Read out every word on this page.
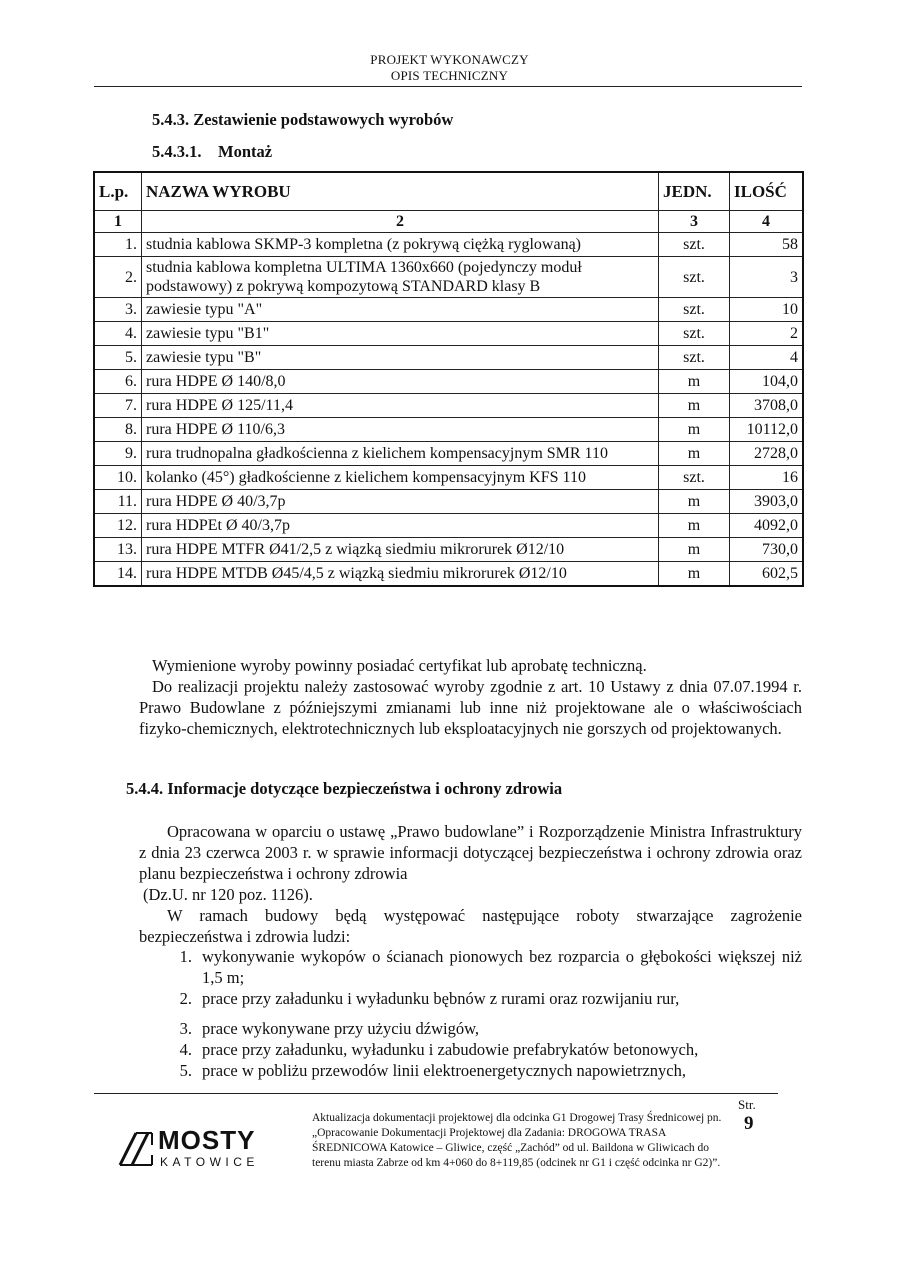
PROJEKT WYKONAWCZY
OPIS TECHNICZNY
5.4.3. Zestawienie podstawowych wyrobów
5.4.3.1.    Montaż
L.p.	NAZWA WYROBU	JEDN.	ILOŚĆ
1	2	3	4
1.	studnia kablowa SKMP-3 kompletna (z pokrywą ciężką ryglowaną)	szt.	58
2.	studnia kablowa kompletna ULTIMA 1360x660 (pojedynczy moduł podstawowy) z pokrywą kompozytową STANDARD klasy B	szt.	3
3.	zawiesie typu "A"	szt.	10
4.	zawiesie typu "B1"	szt.	2
5.	zawiesie typu "B"	szt.	4
6.	rura HDPE Ø 140/8,0	m	104,0
7.	rura HDPE Ø 125/11,4	m	3708,0
8.	rura HDPE Ø 110/6,3	m	10112,0
9.	rura trudnopalna gładkościenna z kielichem kompensacyjnym SMR 110	m	2728,0
10.	kolanko (45°) gładkościenne z kielichem kompensacyjnym KFS 110	szt.	16
11.	rura HDPE Ø 40/3,7p	m	3903,0
12.	rura HDPEt Ø 40/3,7p	m	4092,0
13.	rura HDPE MTFR Ø41/2,5 z wiązką siedmiu mikrorurek Ø12/10	m	730,0
14.	rura HDPE MTDB Ø45/4,5 z wiązką siedmiu mikrorurek Ø12/10	m	602,5
Wymienione wyroby powinny posiadać certyfikat lub aprobatę techniczną.
Do realizacji projektu należy zastosować wyroby zgodnie z art. 10 Ustawy z dnia 07.07.1994 r. Prawo Budowlane z późniejszymi zmianami lub inne niż projektowane ale o właściwościach fizyko-chemicznych, elektrotechnicznych lub eksploatacyjnych nie gorszych od projektowanych.
5.4.4. Informacje dotyczące bezpieczeństwa i ochrony zdrowia
Opracowana w oparciu o ustawę „Prawo budowlane” i Rozporządzenie Ministra Infrastruktury z dnia 23 czerwca 2003 r. w sprawie informacji dotyczącej bezpieczeństwa i ochrony zdrowia oraz planu bezpieczeństwa i ochrony zdrowia
(Dz.U. nr 120 poz. 1126).
W ramach budowy będą występować następujące roboty stwarzające zagrożenie bezpieczeństwa i zdrowia ludzi:
1. wykonywanie wykopów o ścianach pionowych bez rozparcia o głębokości większej niż 1,5 m;
2. prace przy załadunku i wyładunku bębnów z rurami oraz rozwijaniu rur,
3. prace wykonywane przy użyciu dźwigów,
4. prace przy załadunku, wyładunku i zabudowie prefabrykatów betonowych,
5. prace w pobliżu przewodów linii elektroenergetycznych napowietrznych,
Str.
9
MOSTY
KATOWICE
Aktualizacja dokumentacji projektowej dla odcinka G1 Drogowej Trasy Średnicowej pn. „Opracowanie Dokumentacji Projektowej dla Zadania: DROGOWA TRASA ŚREDNICOWA Katowice – Gliwice, część „Zachód” od ul. Baildona w Gliwicach do terenu miasta Zabrze od km 4+060 do 8+119,85 (odcinek nr G1 i część odcinka nr G2)”.
